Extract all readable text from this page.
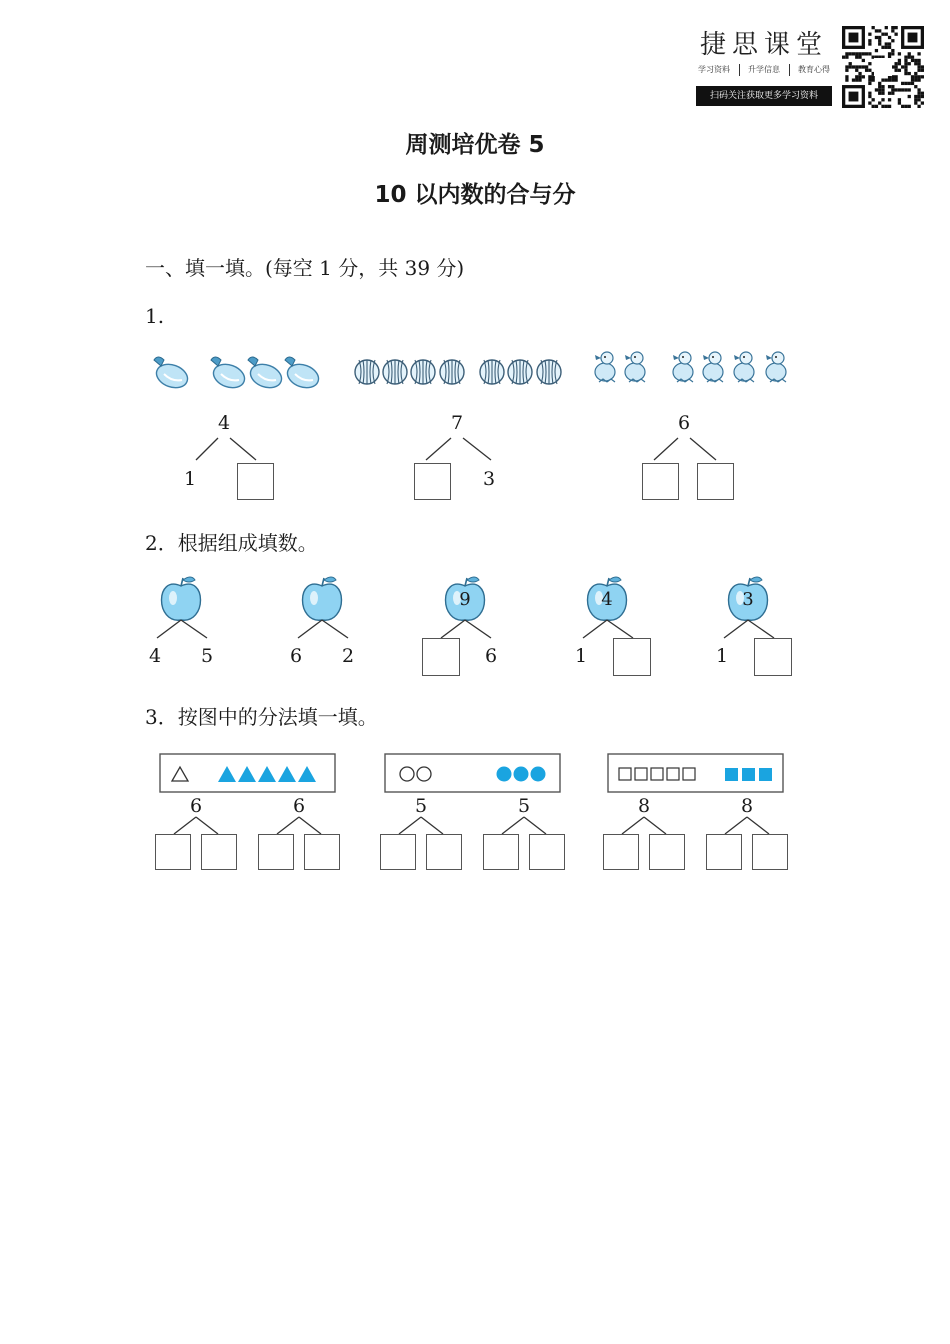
捷思课堂
学习资料 升学信息 教育心得
扫码关注获取更多学习资料
周测培优卷 5
10 以内数的合与分
一、填一填。(每空 1 分，共 39 分)
1.
4
1
7
3
6
2．根据组成填数。
4 5	6 2
9
6
4
1
3
1
3．按图中的分法填一填。
6	6	5	5	8	8
